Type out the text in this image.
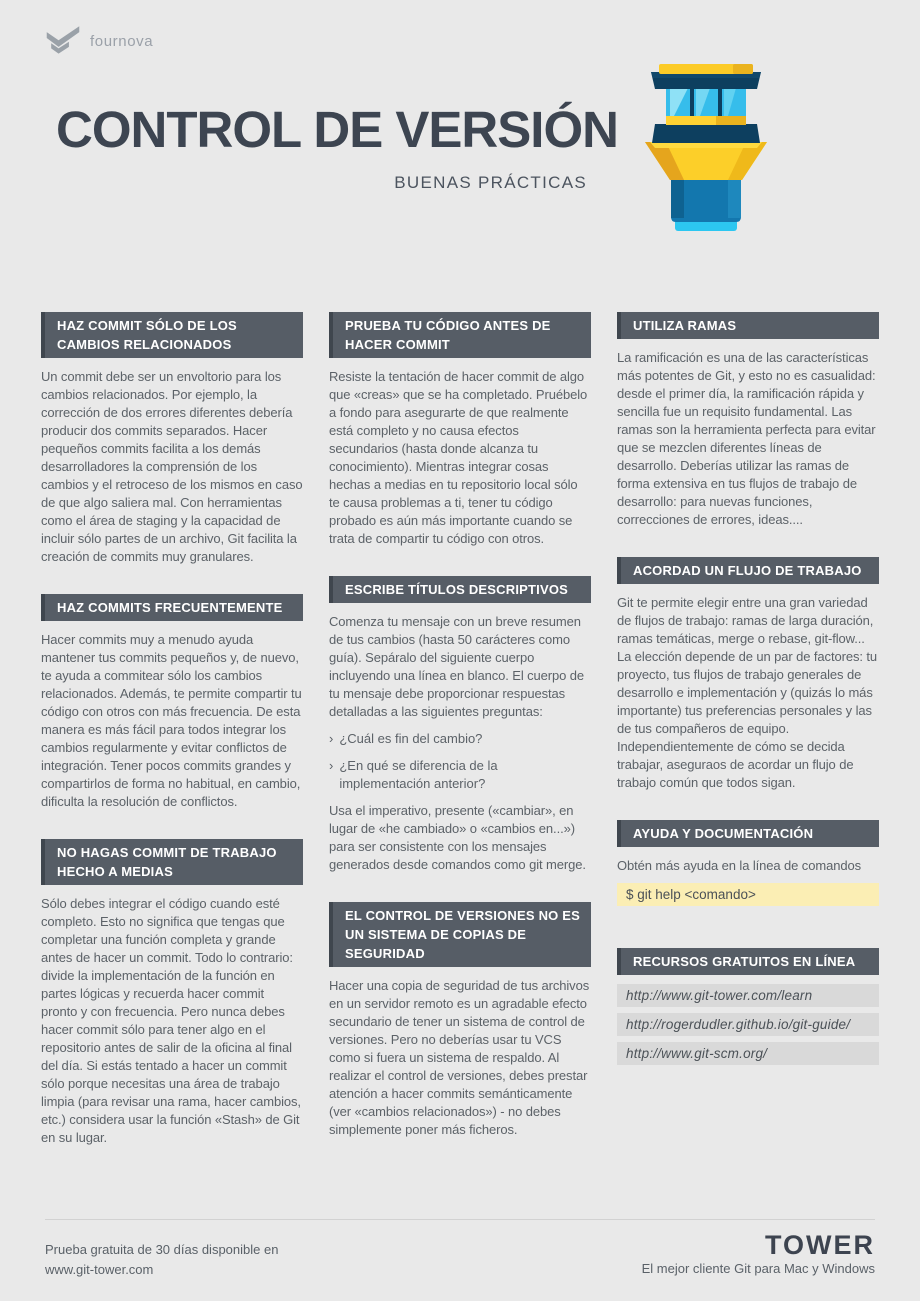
fournova
CONTROL DE VERSIÓN
BUENAS PRÁCTICAS
HAZ COMMIT SÓLO DE LOS CAMBIOS RELACIONADOS

Un commit debe ser un envoltorio para los cambios relacionados. Por ejemplo, la corrección de dos errores diferentes debería producir dos commits separados. Hacer pequeños commits facilita a los demás desarrolladores la comprensión de los cambios y el retroceso de los mismos en caso de que algo saliera mal. Con herramientas como el área de staging y la capacidad de incluir sólo partes de un archivo, Git facilita la creación de commits muy granulares.

HAZ COMMITS FRECUENTEMENTE

Hacer commits muy a menudo ayuda mantener tus commits pequeños y, de nuevo, te ayuda a commitear sólo los cambios relacionados. Además, te permite compartir tu código con otros con más frecuencia. De esta manera es más fácil para todos integrar los cambios regularmente y evitar conflictos de integración. Tener pocos commits grandes y compartirlos de forma no habitual, en cambio, dificulta la resolución de conflictos.

NO HAGAS COMMIT DE TRABAJO HECHO A MEDIAS

Sólo debes integrar el código cuando esté completo. Esto no significa que tengas que completar una función completa y grande antes de hacer un commit. Todo lo contrario: divide la implementación de la función en partes lógicas y recuerda hacer commit pronto y con frecuencia. Pero nunca debes hacer commit sólo para tener algo en el repositorio antes de salir de la oficina al final del día. Si estás tentado a hacer un commit sólo porque necesitas una área de trabajo limpia (para revisar una rama, hacer cambios, etc.) considera usar la función «Stash» de Git en su lugar.

PRUEBA TU CÓDIGO ANTES DE HACER COMMIT

Resiste la tentación de hacer commit de algo que «creas» que se ha completado. Pruébelo a fondo para asegurarte de que realmente está completo y no causa efectos secundarios (hasta donde alcanza tu conocimiento). Mientras integrar cosas hechas a medias en tu repositorio local sólo te causa problemas a ti, tener tu código probado es aún más importante cuando se trata de compartir tu código con otros.

ESCRIBE TÍTULOS DESCRIPTIVOS

Comenza tu mensaje con un breve resumen de tus cambios (hasta 50 carácteres como guía). Sepáralo del siguiente cuerpo incluyendo una línea en blanco. El cuerpo de tu mensaje debe proporcionar respuestas detalladas a las siguientes preguntas:

› ¿Cuál es fin del cambio?
› ¿En qué se diferencia de la implementación anterior?

Usa el imperativo, presente («cambiar», en lugar de «he cambiado» o «cambios en...») para ser consistente con los mensajes generados desde comandos como git merge.

EL CONTROL DE VERSIONES NO ES UN SISTEMA DE COPIAS DE SEGURIDAD

Hacer una copia de seguridad de tus archivos en un servidor remoto es un agradable efecto secundario de tener un sistema de control de versiones. Pero no deberías usar tu VCS como si fuera un sistema de respaldo. Al realizar el control de versiones, debes prestar atención a hacer commits semánticamente (ver «cambios relacionados») - no debes simplemente poner más ficheros.

UTILIZA RAMAS

La ramificación es una de las características más potentes de Git, y esto no es casualidad: desde el primer día, la ramificación rápida y sencilla fue un requisito fundamental. Las ramas son la herramienta perfecta para evitar que se mezclen diferentes líneas de desarrollo. Deberías utilizar las ramas de forma extensiva en tus flujos de trabajo de desarrollo: para nuevas funciones, correcciones de errores, ideas....

ACORDAD UN FLUJO DE TRABAJO

Git te permite elegir entre una gran variedad de flujos de trabajo: ramas de larga duración, ramas temáticas, merge o rebase, git-flow... La elección depende de un par de factores: tu proyecto, tus flujos de trabajo generales de desarrollo e implementación y (quizás lo más importante) tus preferencias personales y las de tus compañeros de equipo. Independientemente de cómo se decida trabajar, aseguraos de acordar un flujo de trabajo común que todos sigan.

AYUDA Y DOCUMENTACIÓN

Obtén más ayuda en la línea de comandos

$ git help <comando>
RECURSOS GRATUITOS EN LÍNEA
http://www.git-tower.com/learn
http://rogerdudler.github.io/git-guide/
http://www.git-scm.org/
Prueba gratuita de 30 días disponible en
www.git-tower.com
TOWER
El mejor cliente Git para Mac y Windows
